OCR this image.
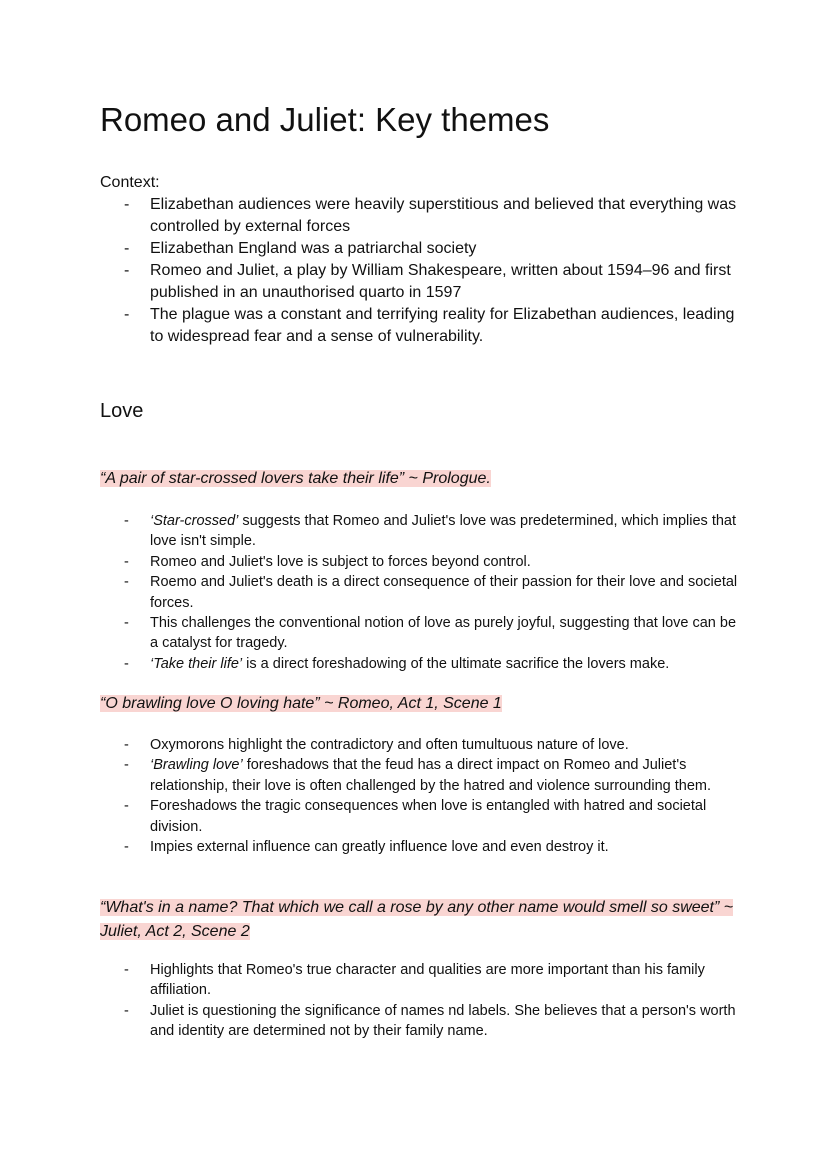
Romeo and Juliet: Key themes
Context:
- Elizabethan audiences were heavily superstitious and believed that everything was controlled by external forces
- Elizabethan England was a patriarchal society
- Romeo and Juliet, a play by William Shakespeare, written about 1594–96 and first published in an unauthorised quarto in 1597
- The plague was a constant and terrifying reality for Elizabethan audiences, leading to widespread fear and a sense of vulnerability.
Love
“A pair of star-crossed lovers take their life” ~ Prologue.
- ‘Star-crossed’ suggests that Romeo and Juliet's love was predetermined, which implies that love isn't simple.
- Romeo and Juliet's love is subject to forces beyond control.
- Roemo and Juliet's death is a direct consequence of their passion for their love and societal forces.
- This challenges the conventional notion of love as purely joyful, suggesting that love can be a catalyst for tragedy.
- ‘Take their life’ is a direct foreshadowing of the ultimate sacrifice the lovers make.
“O brawling love O loving hate” ~ Romeo, Act 1, Scene 1
- Oxymorons highlight the contradictory and often tumultuous nature of love.
- ‘Brawling love’ foreshadows that the feud has a direct impact on Romeo and Juliet's relationship, their love is often challenged by the hatred and violence surrounding them.
- Foreshadows the tragic consequences when love is entangled with hatred and societal division.
- Impies external influence can greatly influence love and even destroy it.
“What's in a name? That which we call a rose by any other name would smell so sweet” ~ Juliet, Act 2, Scene 2
- Highlights that Romeo's true character and qualities are more important than his family affiliation.
- Juliet is questioning the significance of names nd labels. She believes that a person's worth and identity are determined not by their family name.
